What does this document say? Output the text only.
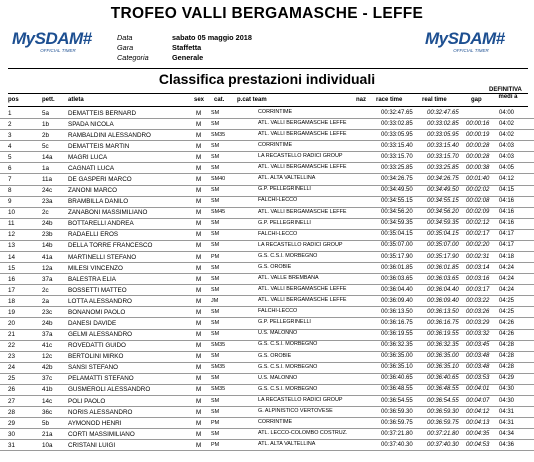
TROFEO VALLI BERGAMASCHE - LEFFE
MySDAM#
OFFICIAL TIMER
Data
Gara
Categoria
sabato 05 maggio 2018
Staffetta
Generale
MySDAM#
OFFICIAL TIMER
Classifica prestazioni individuali
DEFINITIVA
pos	pett. atleta	sex cat. p.cat team	naz race time	real time	gap	medi a
1	5a	DEMATTEIS BERNARD	M SM	CORRINTIME	00:32:47.65 00:32:47.65	04:00
2	1b	SPADA NICOLA	M SM	ATL. VALLI BERGAMASCHE LEFFE	00:33:02.85 00:33:02.85 00:00:16 04:02
3	2b	RAMBALDINI ALESSANDRO	M SM35	ATL. VALLI BERGAMASCHE LEFFE	00:33:05.95 00:33:05.95 00:00:19 04:02
4	5c	DEMATTEIS MARTIN	M SM	CORRINTIME	00:33:15.40 00:33:15.40 00:00:28 04:03
5	14a MAGRI LUCA	M SM	LA RECASTELLO RADICI GROUP	00:33:15.70 00:33:15.70 00:00:28 04:03
6	1a	CAGNATI LUCA	M SM	ATL. VALLI BERGAMASCHE LEFFE	00:33:25.85 00:33:25.85 00:00:38 04:05
7	11a	DE GASPERI MARCO	M SM40	ATL. ALTA VALTELLINA	00:34:26.75 00:34:26.75 00:01:40 04:12
8	24c	ZANONI MARCO	M SM	G.P. PELLEGRINELLI	00:34:49.50 00:34:49.50 00:02:02 04:15
9	23a BRAMBILLA DANILO	M SM	FALCHI-LECCO	00:34:55.15 00:34:55.15 00:02:08 04:16
10	2c	ZANABONI MASSIMILIANO	M SM45	ATL. VALLI BERGAMASCHE LEFFE	00:34:56.20 00:34:56.20 00:02:09 04:16
11	24b BOTTARELLI ANDREA	M SM	G.P. PELLEGRINELLI	00:34:59.35 00:34:59.35 00:02:12 04:16
12	23b RADAELLI EROS	M SM	FALCHI-LECCO	00:35:04.15 00:35:04.15 00:02:17 04:17
13	14b DELLA TORRE FRANCESCO	M SM	LA RECASTELLO RADICI GROUP	00:35:07.00 00:35:07.00 00:02:20 04:17
14	41a MARTINELLI STEFANO	M PM	G.S. C.S.I. MORBEGNO	00:35:17.90 00:35:17.90 00:02:31 04:18
15	12a MILESI VINCENZO	M SM	G.S. OROBIE	00:36:01.85 00:36:01.85 00:03:14 04:24
16	37a BALESTRA ELIA	M SM	ATL. VALLE BREMBANA	00:36:03.65 00:36:03.65 00:03:16 04:24
17	2c	BOSSETTI MATTEO	M SM	ATL. VALLI BERGAMASCHE LEFFE	00:36:04.40 00:36:04.40 00:03:17 04:24
18	2a	LOTTA ALESSANDRO	M JM	ATL. VALLI BERGAMASCHE LEFFE	00:36:09.40 00:36:09.40 00:03:22 04:25
19	23c	BONANOMI PAOLO	M SM	FALCHI-LECCO	00:36:13.50 00:36:13.50 00:03:26 04:25
20	24b DANESI DAVIDE	M SM	G.P. PELLEGRINELLI	00:36:16.75 00:36:16.75 00:03:29 04:26
21	37a GELMI ALESSANDRO	M SM	U.S. MALONNO	00:36:19.55 00:36:19.55 00:03:32 04:26
22	41c	ROVEDATTI GUIDO	M SM35	G.S. C.S.I. MORBEGNO	00:36:32.35 00:36:32.35 00:03:45 04:28
23	12c	BERTOLINI MIRKO	M SM	G.S. OROBIE	00:36:35.00 00:36:35.00 00:03:48 04:28
24	42b SANSI STEFANO	M SM35	G.S. C.S.I. MORBEGNO	00:36:35.10 00:36:35.10 00:03:48 04:28
25	37c	PELAMATTI STEFANO	M SM	U.S. MALONNO	00:36:40.65 00:36:40.65 00:03:53 04:29
26	41b GUSMEROLI ALESSANDRO	M SM35	G.S. C.S.I. MORBEGNO	00:36:48.55 00:36:48.55 00:04:01 04:30
27	14c	POLI PAOLO	M SM	LA RECASTELLO RADICI GROUP	00:36:54.55 00:36:54.55 00:04:07 04:30
28	36c	NORIS ALESSANDRO	M SM	G. ALPINISTICO VERTOVESE	00:36:59.30 00:36:59.30 00:04:12 04:31
29	5b	AYMONOD HENRI	M PM	CORRINTIME	00:36:59.75 00:36:59.75 00:04:13 04:31
30	21a CORTI MASSIMILIANO	M SM	ATL. LECCO-COLOMBO COSTRUZ.	00:37:21.80 00:37:21.80 00:04:35 04:34
31	10a CRISTANI LUIGI	M PM	ATL. ALTA VALTELLINA	00:37:40.30 00:37:40.30 00:04:53 04:36
